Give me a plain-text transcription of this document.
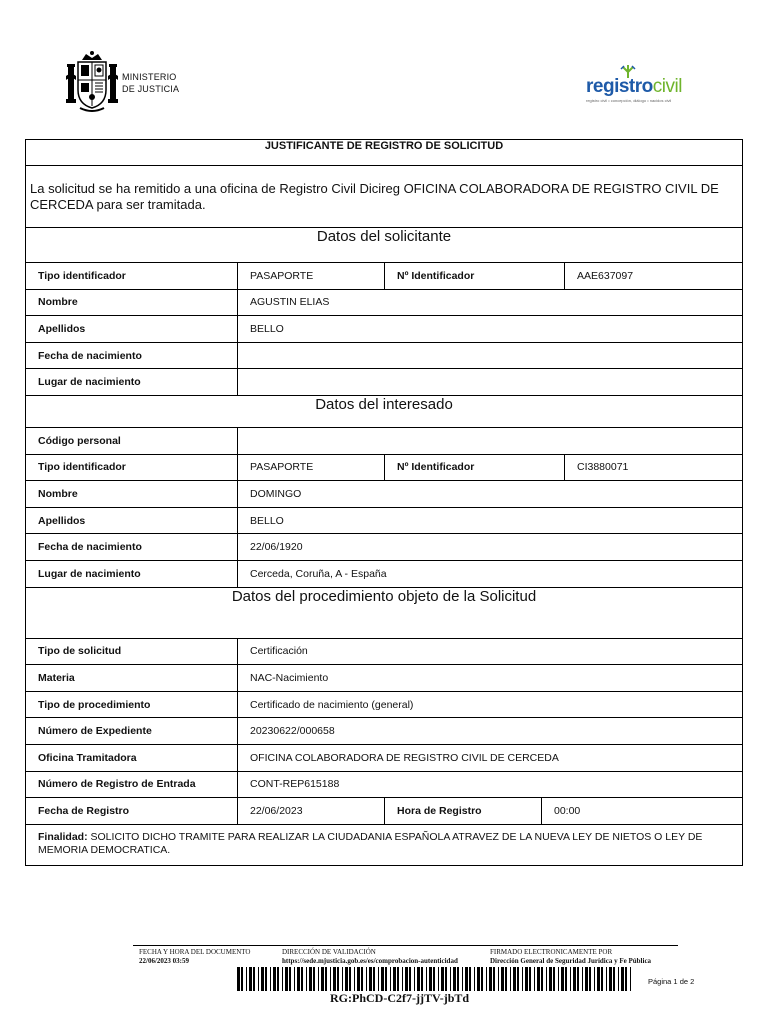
MINISTERIO
DE JUSTICIA	registrocivil
registro civil • concepción, diálogo • nacidos civil
JUSTIFICANTE DE REGISTRO DE SOLICITUD
La solicitud se ha remitido a una oficina de Registro Civil Dicireg OFICINA COLABORADORA DE REGISTRO CIVIL DE CERCEDA para ser tramitada.
Datos del solicitante
Tipo identificador	PASAPORTE	Nº Identificador	AAE637097
Nombre	AGUSTIN ELIAS
Apellidos	BELLO
Fecha de nacimiento
Lugar de nacimiento
Datos del interesado
Código personal
Tipo identificador	PASAPORTE	Nº Identificador	CI3880071
Nombre	DOMINGO
Apellidos	BELLO
Fecha de nacimiento	22/06/1920
Lugar de nacimiento	Cerceda, Coruña, A - España
Datos del procedimiento objeto de la Solicitud
Tipo de solicitud	Certificación
Materia	NAC-Nacimiento
Tipo de procedimiento	Certificado de nacimiento (general)
Número de Expediente	20230622/000658
Oficina Tramitadora	OFICINA COLABORADORA DE REGISTRO CIVIL DE CERCEDA
Número de Registro de Entrada	CONT-REP615188
Fecha de Registro	22/06/2023	Hora de Registro	00:00
Finalidad: SOLICITO DICHO TRAMITE PARA REALIZAR LA CIUDADANIA ESPAÑOLA ATRAVEZ DE LA NUEVA LEY DE NIETOS O LEY DE MEMORIA DEMOCRATICA.
FECHA Y HORA DEL DOCUMENTO
22/06/2023 03:59
DIRECCIÓN DE VALIDACIÓN
https://sede.mjusticia.gob.es/es/comprobacion-autenticidad
FIRMADO ELECTRONICAMENTE POR
Dirección General de Seguridad Jurídica y Fe Pública
RG:PhCD-C2f7-jjTV-jbTd
Página 1 de 2
